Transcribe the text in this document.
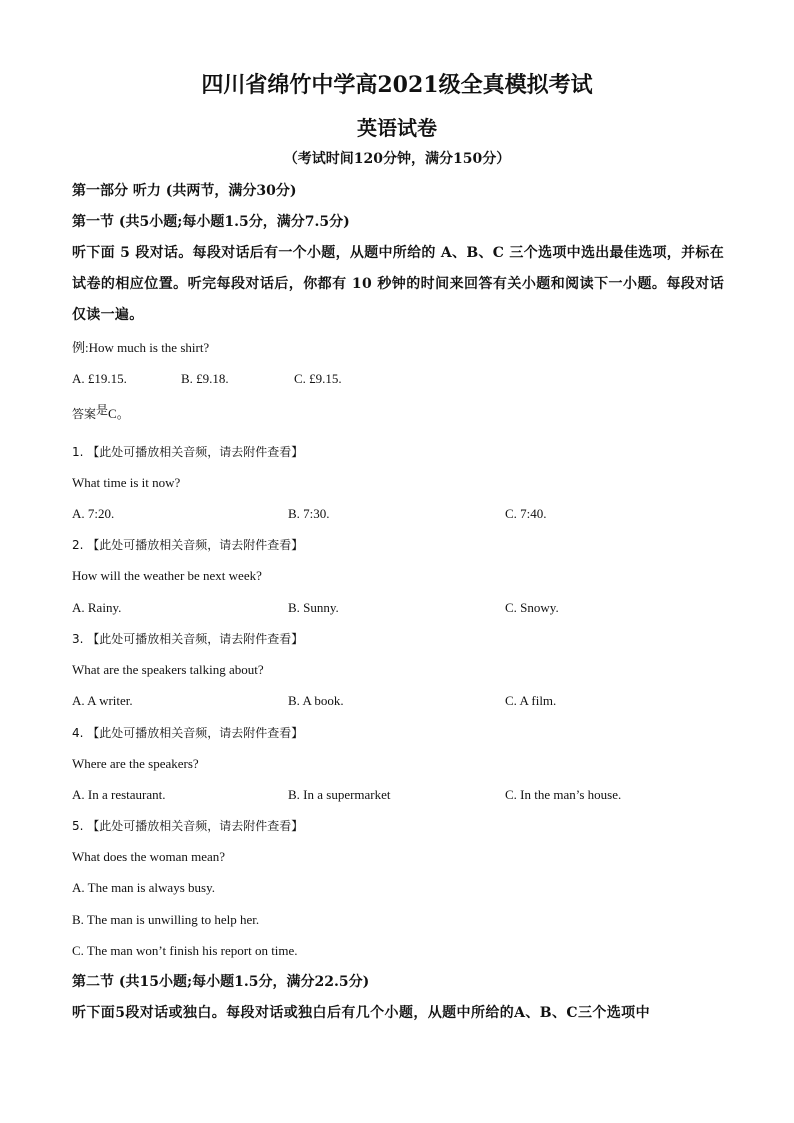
四川省绵竹中学高2021级全真模拟考试
英语试卷
（考试时间120分钟，满分150分）
第一部分 听力 (共两节，满分30分)
第一节 (共5小题;每小题1.5分，满分7.5分)
听下面 5 段对话。每段对话后有一个小题，从题中所给的 A、B、C 三个选项中选出最佳选项，并标在试卷的相应位置。听完每段对话后，你都有 10 秒钟的时间来回答有关小题和阅读下一小题。每段对话仅读一遍。
例:How much is the shirt?
A. £19.15.	B. £9.18.	C. £9.15.
答案是C。
1. 【此处可播放相关音频，请去附件查看】
What time is it now?
A. 7:20.	B. 7:30.	C. 7:40.
2. 【此处可播放相关音频，请去附件查看】
How will the weather be next week?
A. Rainy.	B. Sunny.	C. Snowy.
3. 【此处可播放相关音频，请去附件查看】
What are the speakers talking about?
A. A writer.	B. A book.	C. A film.
4. 【此处可播放相关音频，请去附件查看】
Where are the speakers?
A. In a restaurant.	B. In a supermarket	C. In the man’s house.
5. 【此处可播放相关音频，请去附件查看】
What does the woman mean?
A. The man is always busy.
B. The man is unwilling to help her.
C. The man won’t finish his report on time.
第二节 (共15小题;每小题1.5分，满分22.5分)
听下面5段对话或独白。每段对话或独白后有几个小题，从题中所给的A、B、C三个选项中
